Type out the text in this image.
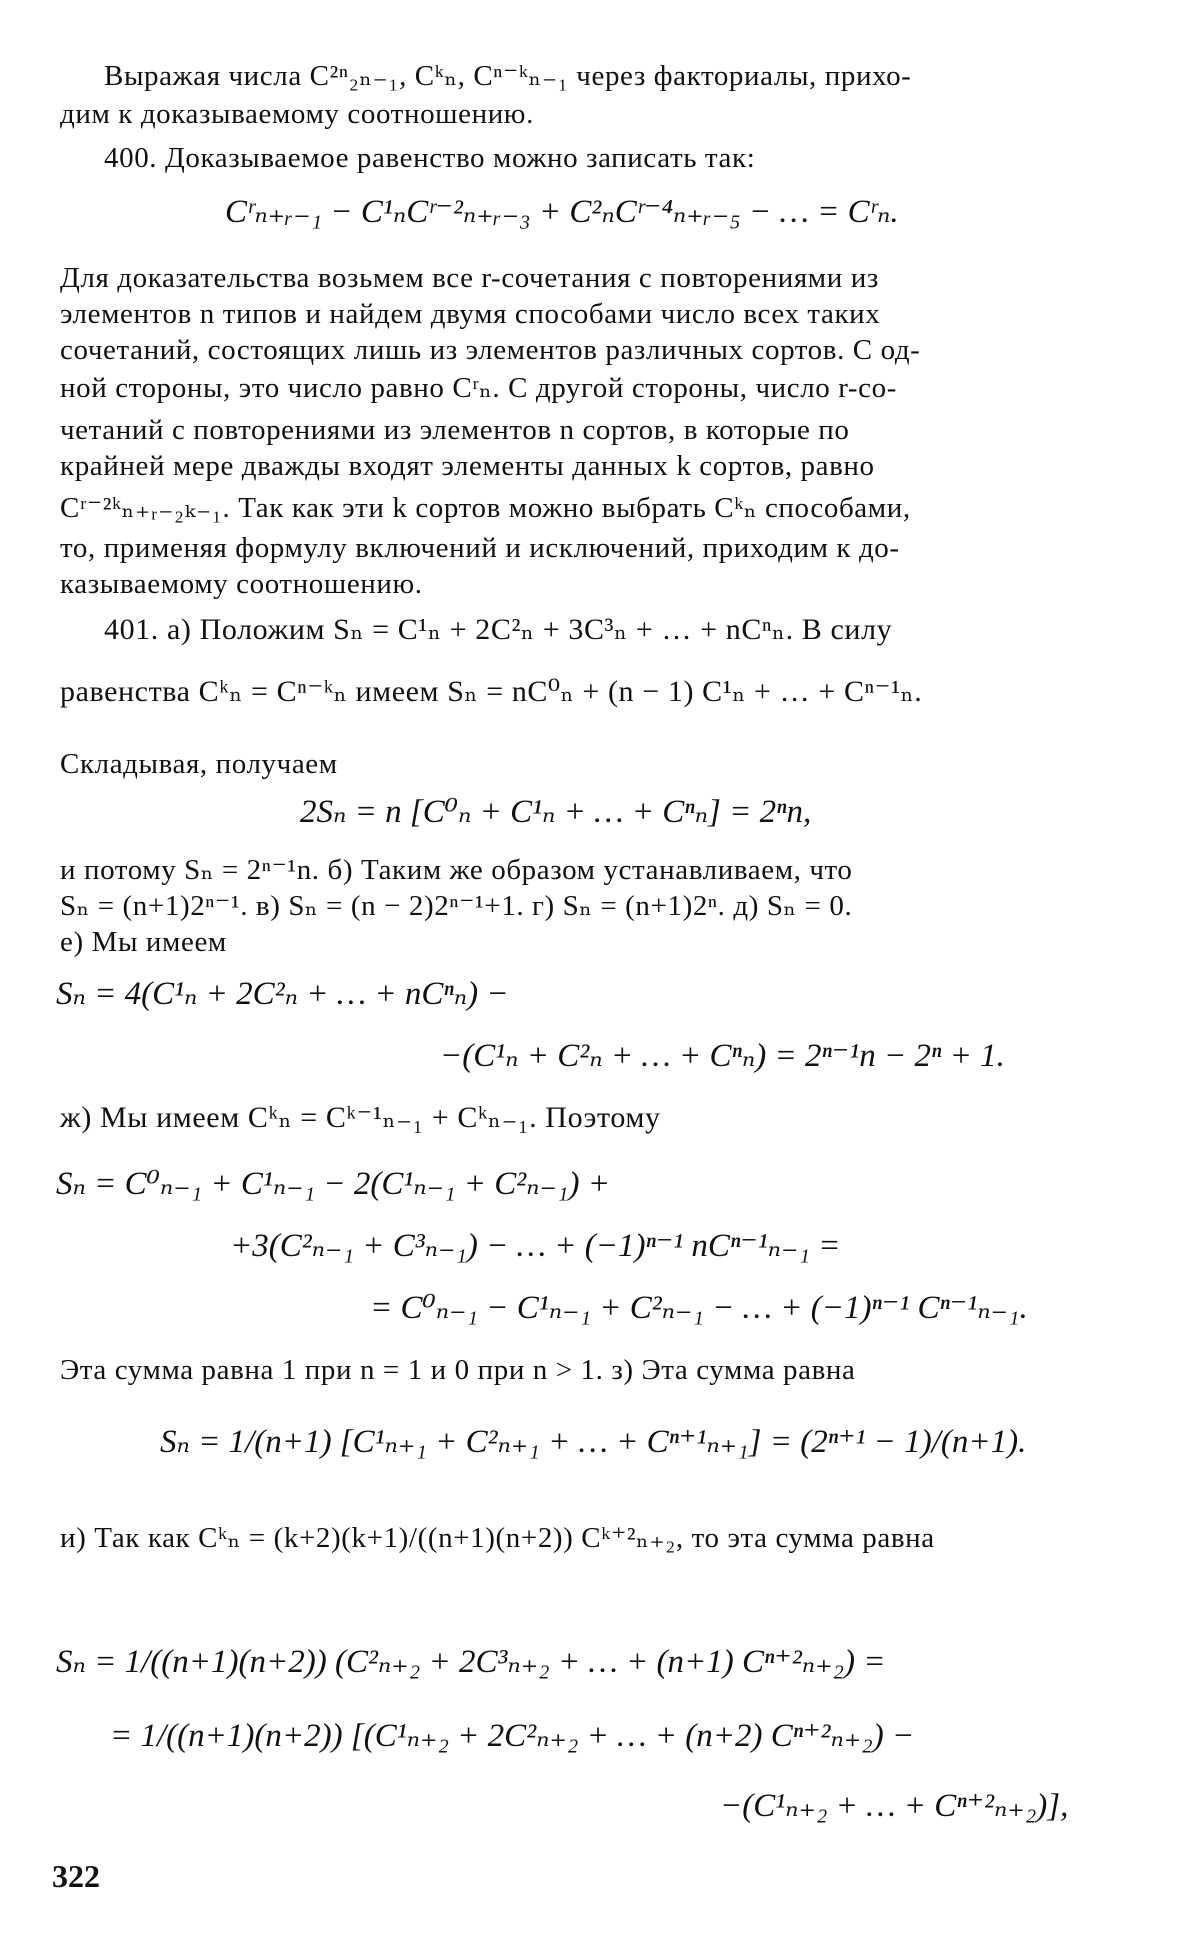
Выражая числа C²ⁿ₂ₙ₋₁, Cᵏₙ, Cⁿ⁻ᵏₙ₋₁ через факториалы, прихо-
дим к доказываемому соотношению.
400. Доказываемое равенство можно записать так:
Cʳₙ₊ᵣ₋₁ − C¹ₙCʳ⁻²ₙ₊ᵣ₋₃ + C²ₙCʳ⁻⁴ₙ₊ᵣ₋₅ − … = Cʳₙ.
Для доказательства возьмем все r-сочетания с повторениями из
элементов n типов и найдем двумя способами число всех таких
сочетаний, состоящих лишь из элементов различных сортов. С од-
ной стороны, это число равно Cʳₙ. С другой стороны, число r-со-
четаний с повторениями из элементов n сортов, в которые по
крайней мере дважды входят элементы данных k сортов, равно
Cʳ⁻²ᵏₙ₊ᵣ₋₂ₖ₋₁. Так как эти k сортов можно выбрать Cᵏₙ способами,
то, применяя формулу включений и исключений, приходим к до-
казываемому соотношению.
401. а) Положим Sₙ = C¹ₙ + 2C²ₙ + 3C³ₙ + … + nCⁿₙ. В силу
равенства Cᵏₙ = Cⁿ⁻ᵏₙ имеем Sₙ = nC⁰ₙ + (n − 1) C¹ₙ + … + Cⁿ⁻¹ₙ.
Складывая, получаем
2Sₙ = n [C⁰ₙ + C¹ₙ + … + Cⁿₙ] = 2ⁿn,
и потому Sₙ = 2ⁿ⁻¹n. б) Таким же образом устанавливаем, что
Sₙ = (n+1)2ⁿ⁻¹. в) Sₙ = (n − 2)2ⁿ⁻¹+1. г) Sₙ = (n+1)2ⁿ. д) Sₙ = 0.
е) Мы имеем
Sₙ = 4(C¹ₙ + 2C²ₙ + … + nCⁿₙ) −
−(C¹ₙ + C²ₙ + … + Cⁿₙ) = 2ⁿ⁻¹n − 2ⁿ + 1.
ж) Мы имеем Cᵏₙ = Cᵏ⁻¹ₙ₋₁ + Cᵏₙ₋₁. Поэтому
Sₙ = C⁰ₙ₋₁ + C¹ₙ₋₁ − 2(C¹ₙ₋₁ + C²ₙ₋₁) +
+3(C²ₙ₋₁ + C³ₙ₋₁) − … + (−1)ⁿ⁻¹ nCⁿ⁻¹ₙ₋₁ =
= C⁰ₙ₋₁ − C¹ₙ₋₁ + C²ₙ₋₁ − … + (−1)ⁿ⁻¹ Cⁿ⁻¹ₙ₋₁.
Эта сумма равна 1 при n = 1 и 0 при n > 1. з) Эта сумма равна
Sₙ = 1/(n+1) [C¹ₙ₊₁ + C²ₙ₊₁ + … + Cⁿ⁺¹ₙ₊₁] = (2ⁿ⁺¹ − 1)/(n+1).
и) Так как Cᵏₙ = (k+2)(k+1)/((n+1)(n+2)) Cᵏ⁺²ₙ₊₂, то эта сумма равна
Sₙ = 1/((n+1)(n+2)) (C²ₙ₊₂ + 2C³ₙ₊₂ + … + (n+1) Cⁿ⁺²ₙ₊₂) =
= 1/((n+1)(n+2)) [(C¹ₙ₊₂ + 2C²ₙ₊₂ + … + (n+2) Cⁿ⁺²ₙ₊₂) −
−(C¹ₙ₊₂ + … + Cⁿ⁺²ₙ₊₂)],
322
